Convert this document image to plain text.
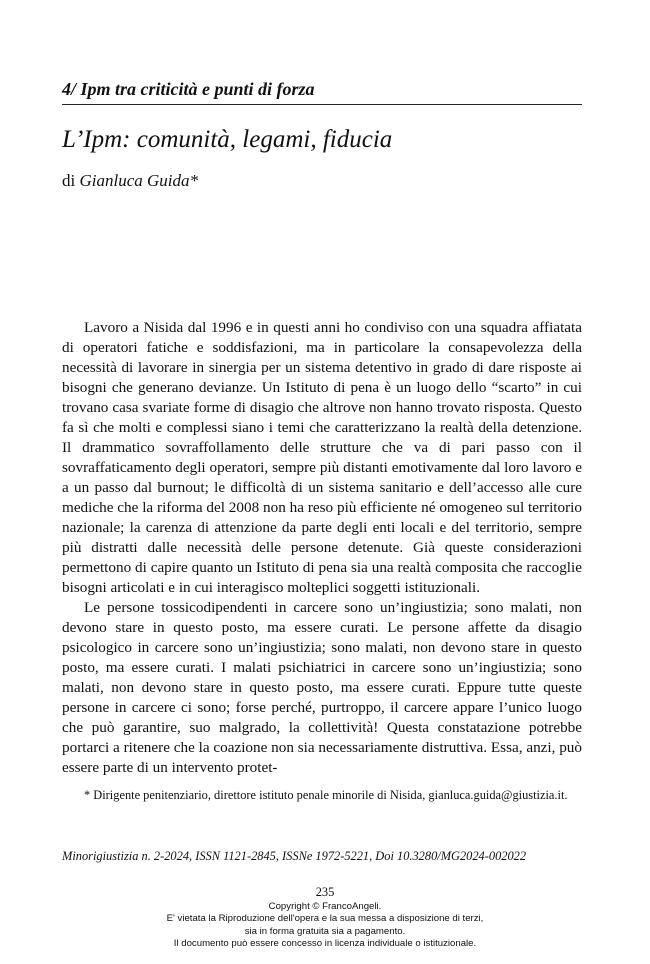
4/ Ipm tra criticità e punti di forza
L’Ipm: comunità, legami, fiducia
di Gianluca Guida*

Lavoro a Nisida dal 1996 e in questi anni ho condiviso con una squadra affiatata di operatori fatiche e soddisfazioni, ma in particolare la consapevolezza della necessità di lavorare in sinergia per un sistema detentivo in grado di dare risposte ai bisogni che generano devianze. Un Istituto di pena è un luogo dello “scarto” in cui trovano casa svariate forme di disagio che altrove non hanno trovato risposta. Questo fa sì che molti e complessi siano i temi che caratterizzano la realtà della detenzione. Il drammatico sovraffollamento delle strutture che va di pari passo con il sovraffaticamento degli operatori, sempre più distanti emotivamente dal loro lavoro e a un passo dal burnout; le difficoltà di un sistema sanitario e dell’accesso alle cure mediche che la riforma del 2008 non ha reso più efficiente né omogeneo sul territorio nazionale; la carenza di attenzione da parte degli enti locali e del territorio, sempre più distratti dalle necessità delle persone detenute. Già queste considerazioni permettono di capire quanto un Istituto di pena sia una realtà composita che raccoglie bisogni articolati e in cui interagisco molteplici soggetti istituzionali.

Le persone tossicodipendenti in carcere sono un’ingiustizia; sono malati, non devono stare in questo posto, ma essere curati. Le persone affette da disagio psicologico in carcere sono un’ingiustizia; sono malati, non devono stare in questo posto, ma essere curati. I malati psichiatrici in carcere sono un’ingiustizia; sono malati, non devono stare in questo posto, ma essere curati. Eppure tutte queste persone in carcere ci sono; forse perché, purtroppo, il carcere appare l’unico luogo che può garantire, suo malgrado, la collettività! Questa constatazione potrebbe portarci a ritenere che la coazione non sia necessariamente distruttiva. Essa, anzi, può essere parte di un intervento protet-

* Dirigente penitenziario, direttore istituto penale minorile di Nisida, gianluca.guida@giustizia.it.
Minorigiustizia n. 2-2024, ISSN 1121-2845, ISSNe 1972-5221, Doi 10.3280/MG2024-002022
235
Copyright © FrancoAngeli.
E' vietata la Riproduzione dell'opera e la sua messa a disposizione di terzi,
sia in forma gratuita sia a pagamento.
Il documento può essere concesso in licenza individuale o istituzionale.
